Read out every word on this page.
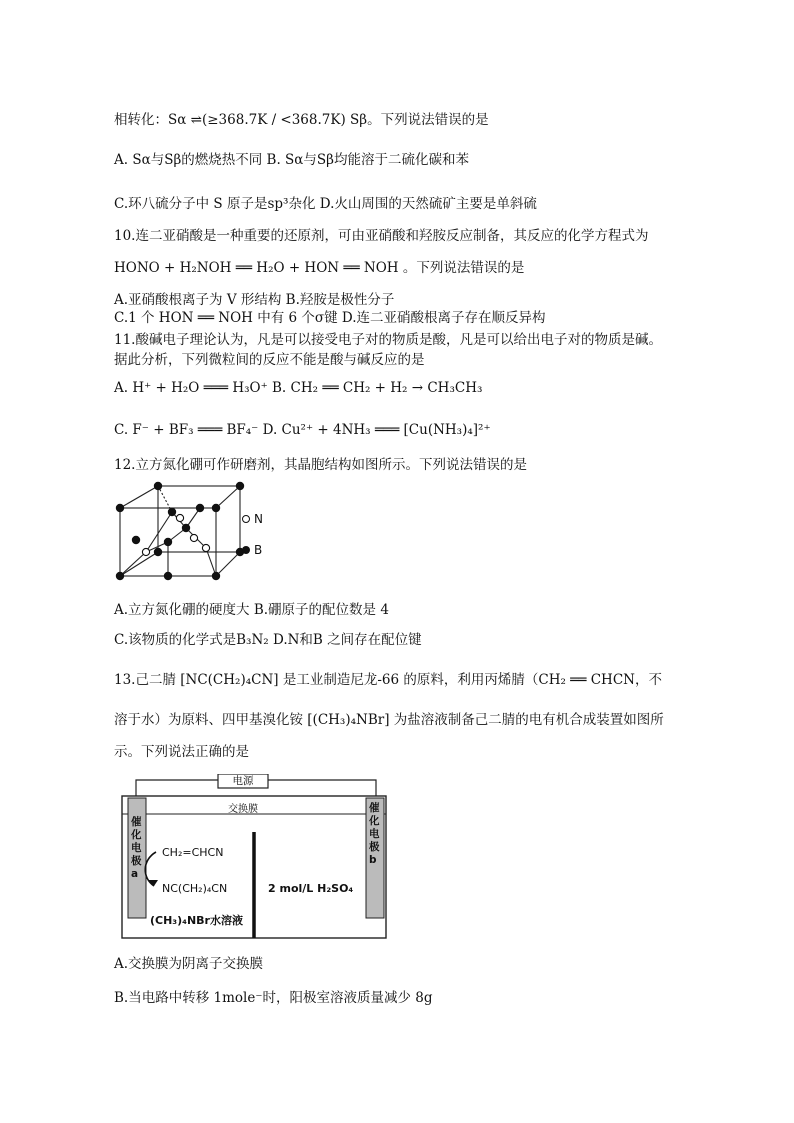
相转化：Sα ⇌(≥368.7K / <368.7K) Sβ。下列说法错误的是
A. Sα与Sβ的燃烧热不同 B. Sα与Sβ均能溶于二硫化碳和苯
C.环八硫分子中 S 原子是sp³杂化 D.火山周围的天然硫矿主要是单斜硫
10.连二亚硝酸是一种重要的还原剂，可由亚硝酸和羟胺反应制备，其反应的化学方程式为
HONO + H₂NOH ══ H₂O + HON ══ NOH 。下列说法错误的是
A.亚硝酸根离子为 V 形结构 B.羟胺是极性分子
C.1 个 HON ══ NOH 中有 6 个σ键 D.连二亚硝酸根离子存在顺反异构
11.酸碱电子理论认为，凡是可以接受电子对的物质是酸，凡是可以给出电子对的物质是碱。
据此分析，下列微粒间的反应不能是酸与碱反应的是
A. H⁺ + H₂O ═══ H₃O⁺ B. CH₂ ══ CH₂ + H₂ → CH₃CH₃
C. F⁻ + BF₃ ═══ BF₄⁻ D. Cu²⁺ + 4NH₃ ═══ [Cu(NH₃)₄]²⁺
12.立方氮化硼可作研磨剂，其晶胞结构如图所示。下列说法错误的是
A.立方氮化硼的硬度大 B.硼原子的配位数是 4
C.该物质的化学式是B₃N₂ D.N和B 之间存在配位键
13.己二腈 [NC(CH₂)₄CN] 是工业制造尼龙-66 的原料，利用丙烯腈（CH₂ ══ CHCN，不
溶于水）为原料、四甲基溴化铵 [(CH₃)₄NBr] 为盐溶液制备己二腈的电有机合成装置如图所
示。下列说法正确的是
A.交换膜为阴离子交换膜
B.当电路中转移 1mole⁻时，阳极室溶液质量减少 8g
N
B
电源
交换膜
催化电极a
催化电极b
CH₂=CHCN
NC(CH₂)₄CN
(CH₃)₄NBr水溶液
2 mol/L H₂SO₄
